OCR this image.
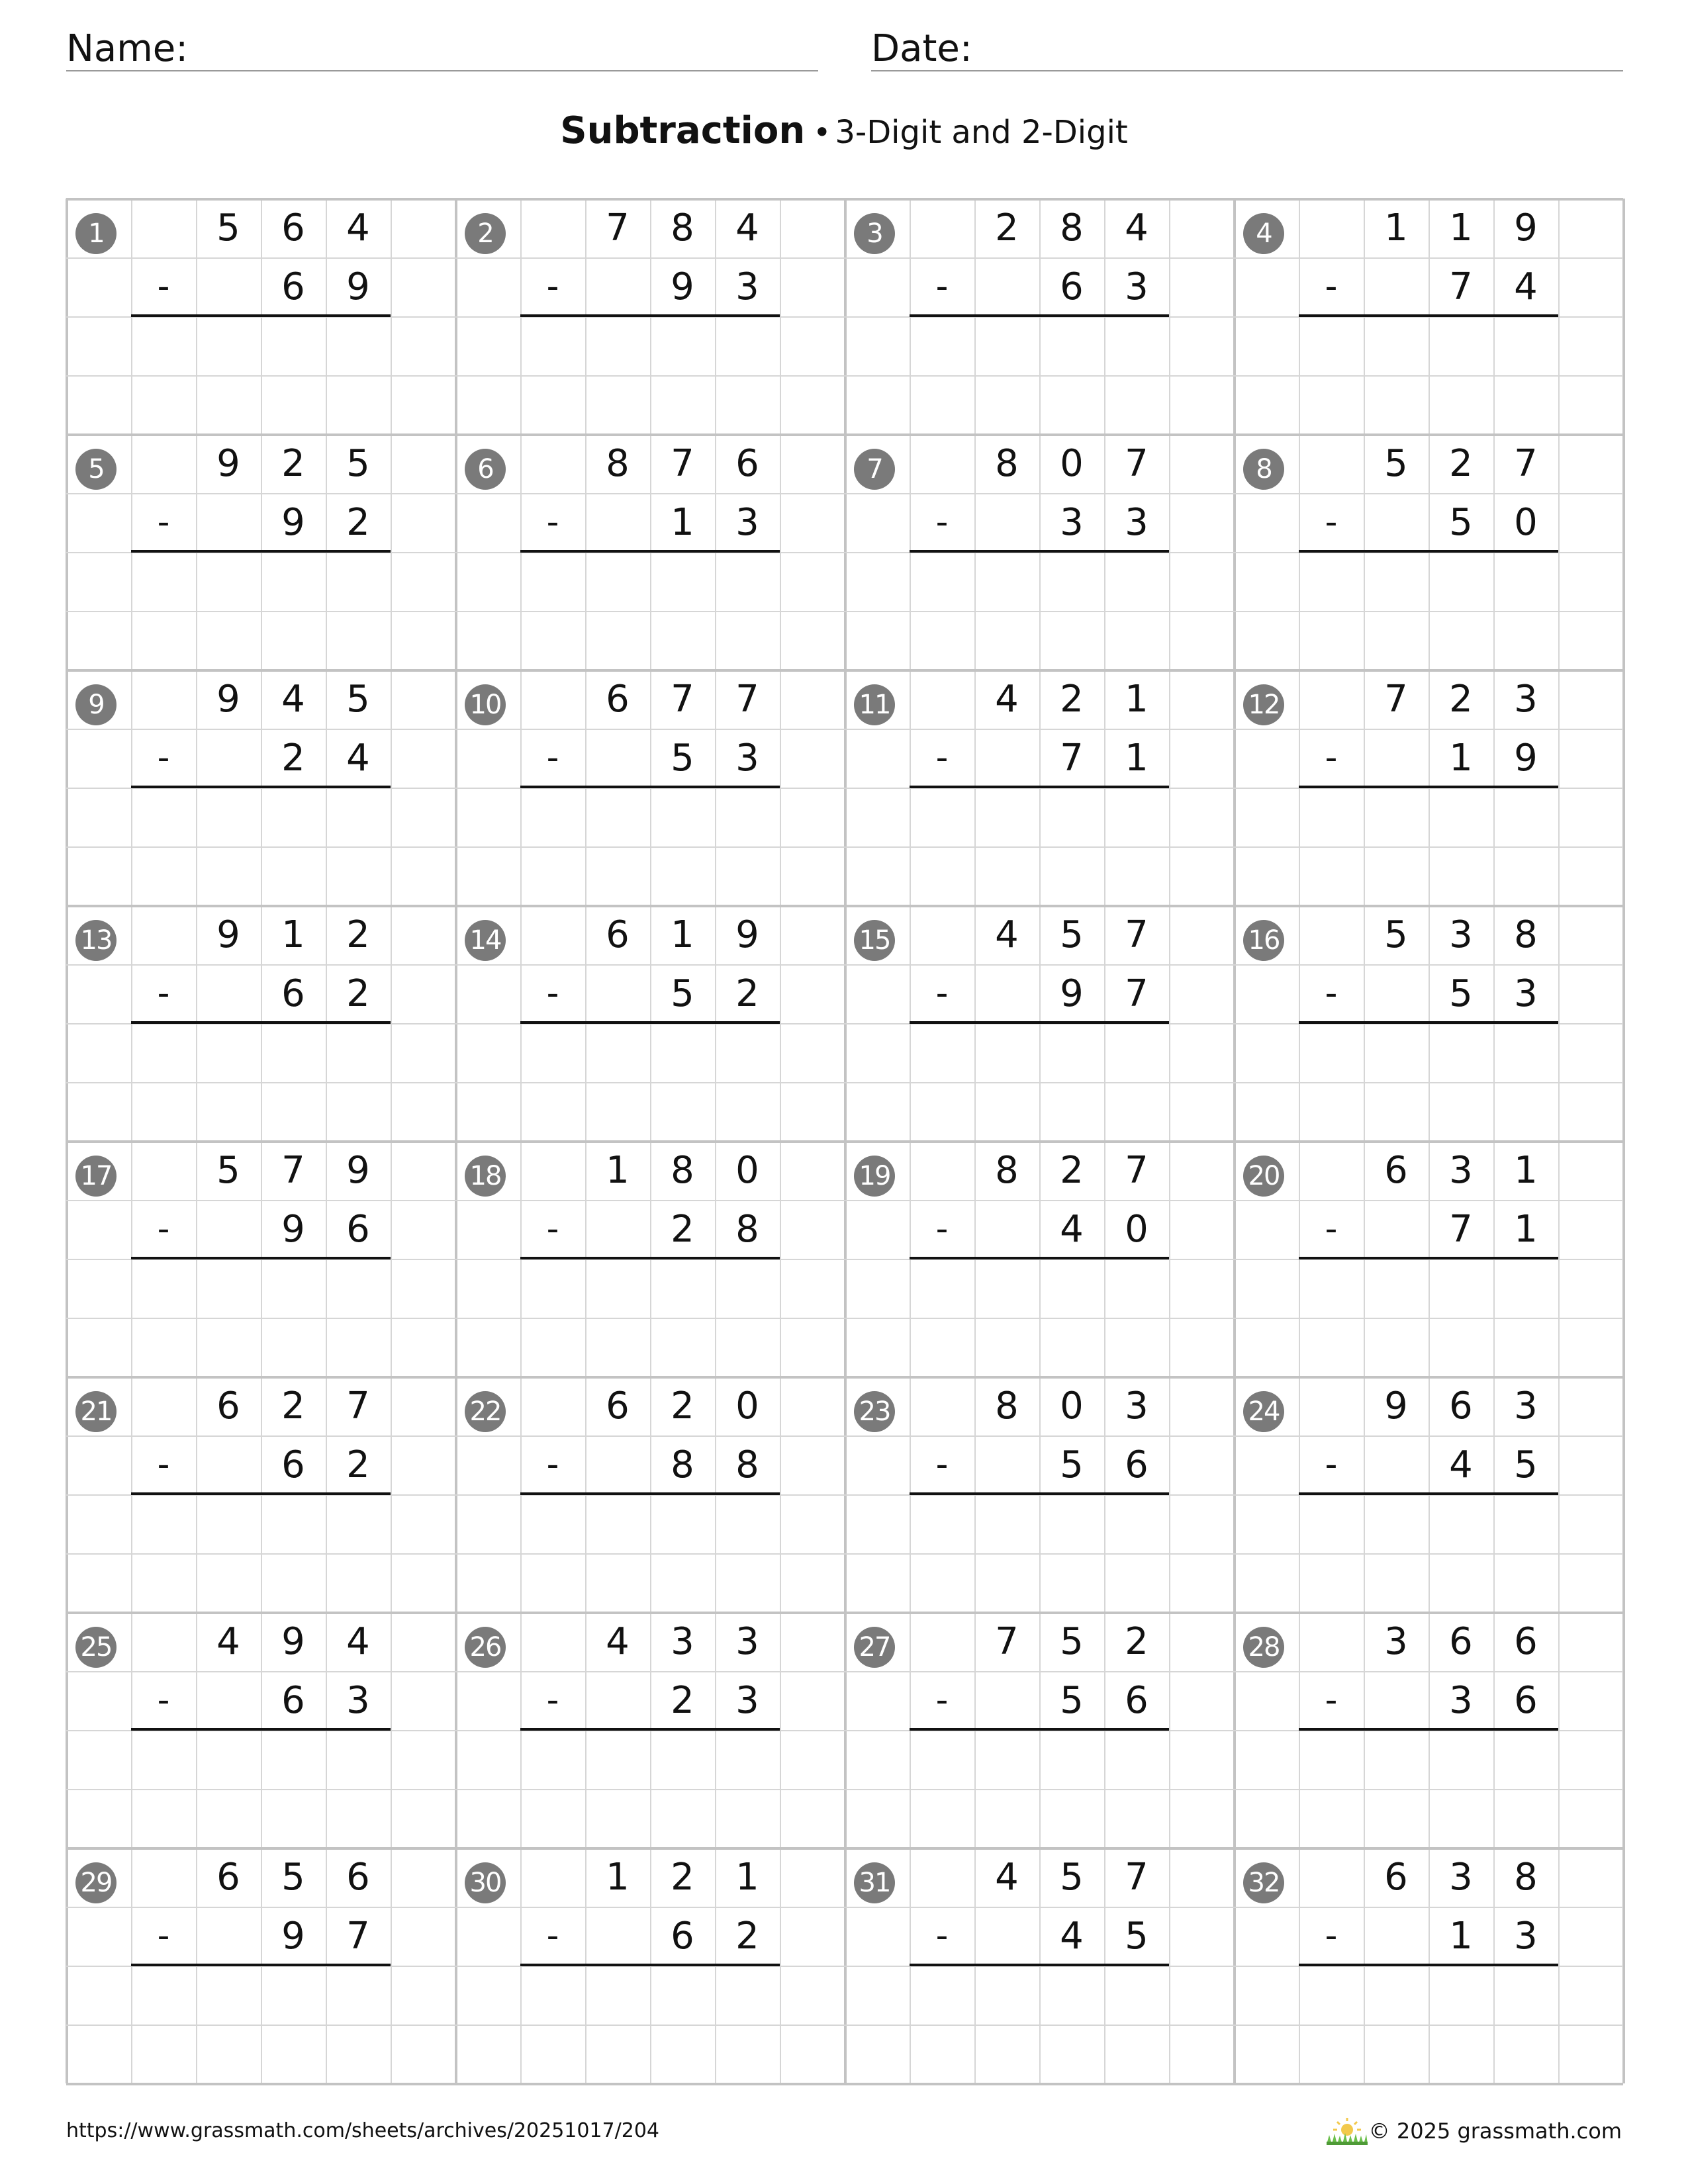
Name:	Date:
Subtraction • 3-Digit and 2-Digit
1	5	6	4
-	6	9
2	7	8	4
-	9	3
3	2	8	4
-	6	3
4	1	1	9
-	7	4
5	9	2	5
-	9	2
6	8	7	6
-	1	3
7	8	0	7
-	3	3
8	5	2	7
-	5	0
9	9	4	5
-	2	4
10	6	7	7
-	5	3
11	4	2	1
-	7	1
12	7	2	3
-	1	9
13	9	1	2
-	6	2
14	6	1	9
-	5	2
15	4	5	7
-	9	7
16	5	3	8
-	5	3
17	5	7	9
-	9	6
18	1	8	0
-	2	8
19	8	2	7
-	4	0
20	6	3	1
-	7	1
21	6	2	7
-	6	2
22	6	2	0
-	8	8
23	8	0	3
-	5	6
24	9	6	3
-	4	5
25	4	9	4
-	6	3
26	4	3	3
-	2	3
27	7	5	2
-	5	6
28	3	6	6
-	3	6
29	6	5	6
-	9	7
30	1	2	1
-	6	2
31	4	5	7
-	4	5
32	6	3	8
-	1	3
https://www.grassmath.com/sheets/archives/20251017/204	© 2025 grassmath.com
